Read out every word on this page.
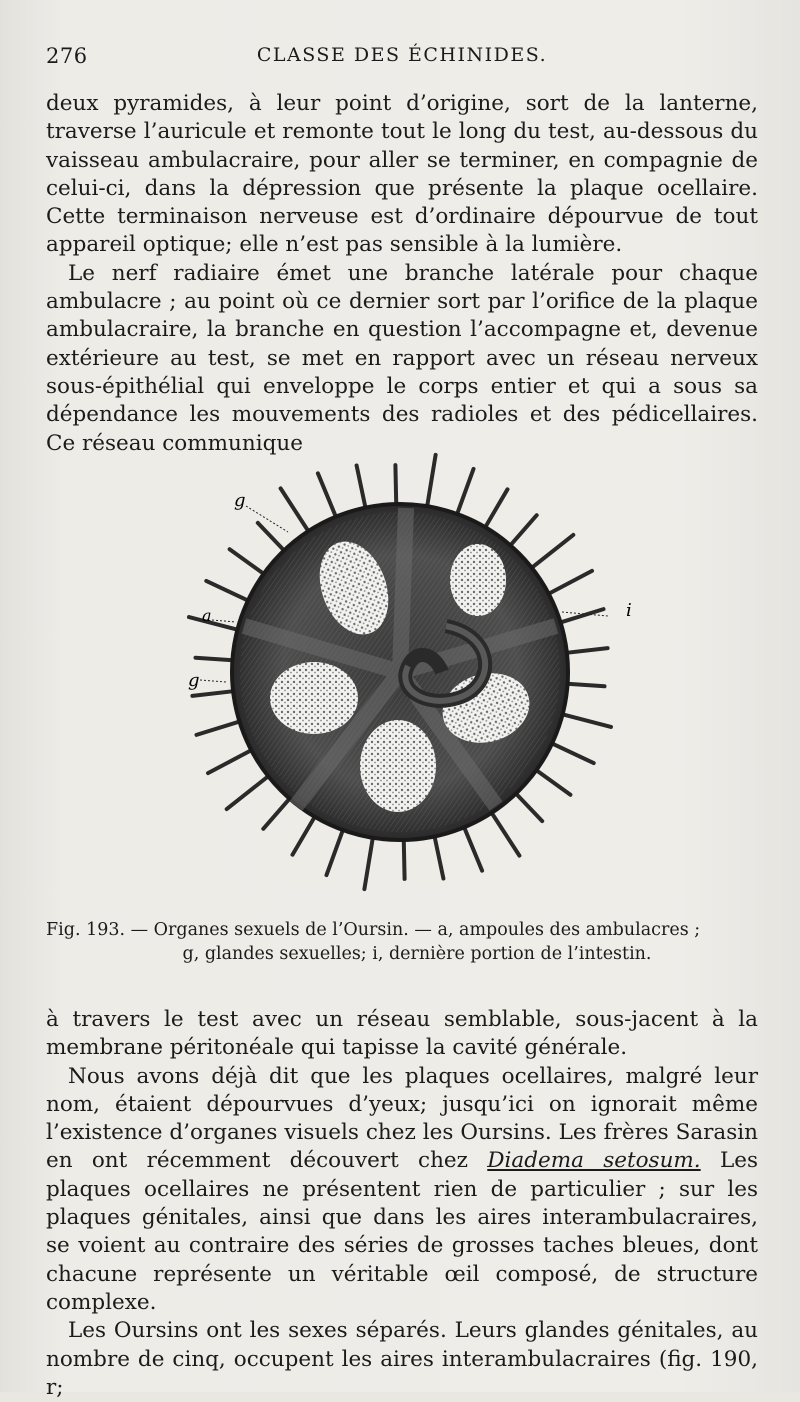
276	CLASSE DES ÉCHINIDES.

deux pyramides, à leur point d’origine, sort de la lanterne, traverse l’auricule et remonte tout le long du test, au-dessous du vaisseau ambulacraire, pour aller se terminer, en compagnie de celui-ci, dans la dépression que présente la plaque ocellaire. Cette terminaison nerveuse est d’ordinaire dépourvue de tout appareil optique; elle n’est pas sensible à la lumière.

Le nerf radiaire émet une branche latérale pour chaque ambulacre ; au point où ce dernier sort par l’orifice de la plaque ambulacraire, la branche en question l’accompagne et, devenue extérieure au test, se met en rapport avec un réseau nerveux sous-épithélial qui enveloppe le corps entier et qui a sous sa dépendance les mouvements des radioles et des pédicellaires. Ce réseau communique

g
a
g
i
Fig. 193. — Organes sexuels de l’Oursin. — a, ampoules des ambulacres ;
g, glandes sexuelles; i, dernière portion de l’intestin.

à travers le test avec un réseau semblable, sous-jacent à la membrane péritonéale qui tapisse la cavité générale.

Nous avons déjà dit que les plaques ocellaires, malgré leur nom, étaient dépourvues d’yeux; jusqu’ici on ignorait même l’existence d’organes visuels chez les Oursins. Les frères Sarasin en ont récemment découvert chez Diadema setosum. Les plaques ocellaires ne présentent rien de particulier ; sur les plaques génitales, ainsi que dans les aires interambulacraires, se voient au contraire des séries de grosses taches bleues, dont chacune représente un véritable œil composé, de structure complexe.

Les Oursins ont les sexes séparés. Leurs glandes génitales, au nombre de cinq, occupent les aires interambulacraires (fig. 190, r;
